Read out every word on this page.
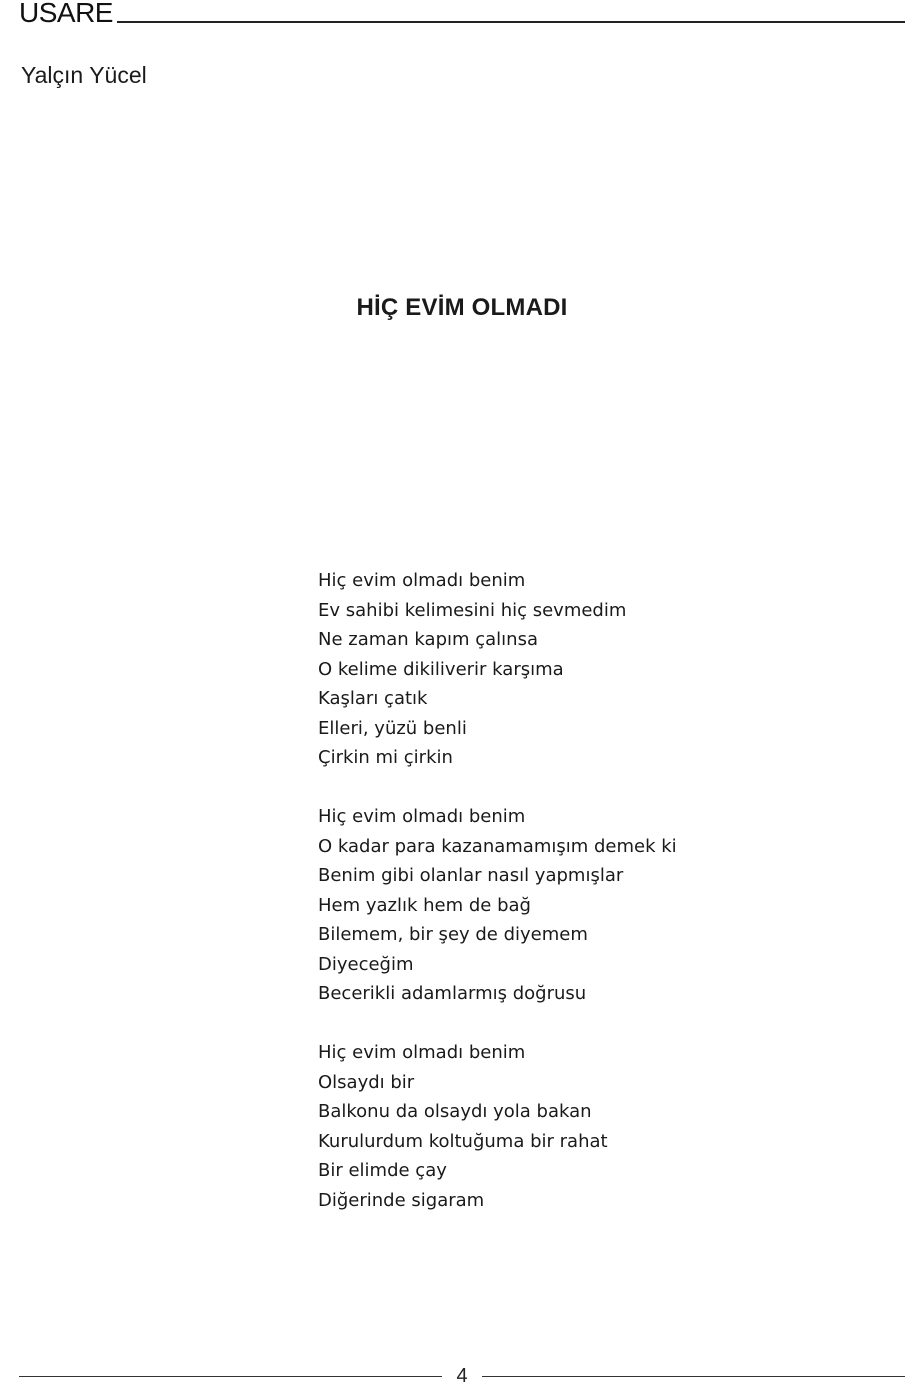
USARE
Yalçın Yücel
HİÇ EVİM OLMADI
Hiç evim olmadı benim
Ev sahibi kelimesini hiç sevmedim
Ne zaman kapım çalınsa
O kelime dikiliverir karşıma
Kaşları çatık
Elleri, yüzü benli
Çirkin mi çirkin
Hiç evim olmadı benim
O kadar para kazanamamışım demek ki
Benim gibi olanlar nasıl yapmışlar
Hem yazlık hem de bağ
Bilemem, bir şey de diyemem
Diyeceğim
Becerikli adamlarmış doğrusu
Hiç evim olmadı benim
Olsaydı bir
Balkonu da olsaydı yola bakan
Kurulurdum koltuğuma bir rahat
Bir elimde çay
Diğerinde sigaram
4
